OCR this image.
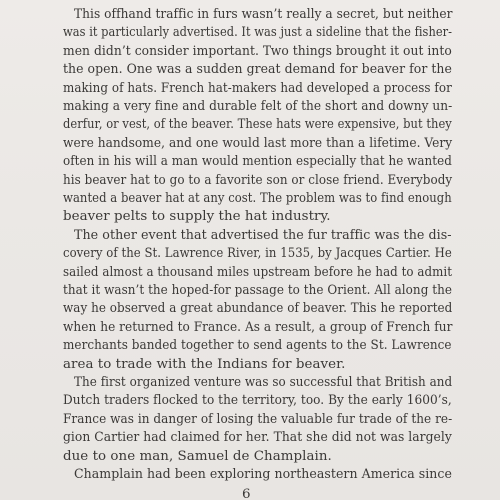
This offhand traffic in furs wasn’t really a secret, but neither
was it particularly advertised. It was just a sideline that the fisher-
men didn’t consider important. Two things brought it out into
the open. One was a sudden great demand for beaver for the
making of hats. French hat-makers had developed a process for
making a very fine and durable felt of the short and downy un-
derfur, or vest, of the beaver. These hats were expensive, but they
were handsome, and one would last more than a lifetime. Very
often in his will a man would mention especially that he wanted
his beaver hat to go to a favorite son or close friend. Everybody
wanted a beaver hat at any cost. The problem was to find enough
beaver pelts to supply the hat industry.
The other event that advertised the fur traffic was the dis-
covery of the St. Lawrence River, in 1535, by Jacques Cartier. He
sailed almost a thousand miles upstream before he had to admit
that it wasn’t the hoped-for passage to the Orient. All along the
way he observed a great abundance of beaver. This he reported
when he returned to France. As a result, a group of French fur
merchants banded together to send agents to the St. Lawrence
area to trade with the Indians for beaver.
The first organized venture was so successful that British and
Dutch traders flocked to the territory, too. By the early 1600’s,
France was in danger of losing the valuable fur trade of the re-
gion Cartier had claimed for her. That she did not was largely
due to one man, Samuel de Champlain.
Champlain had been exploring northeastern America since
6
